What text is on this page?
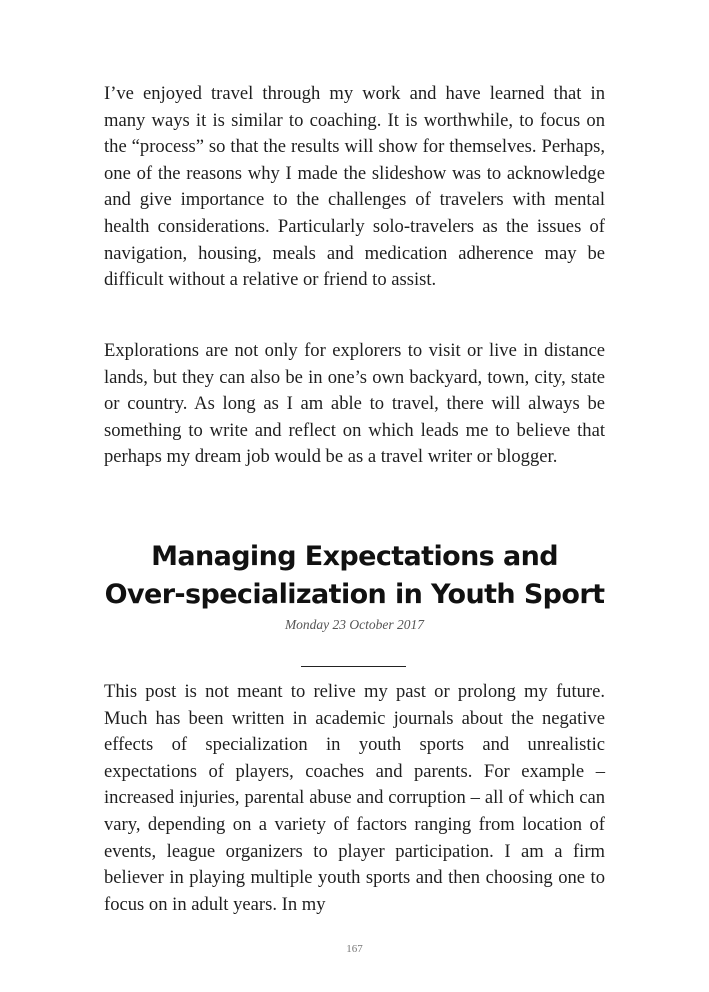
I’ve enjoyed travel through my work and have learned that in many ways it is similar to coaching. It is worthwhile, to focus on the “process” so that the results will show for themselves. Perhaps, one of the reasons why I made the slideshow was to acknowledge and give importance to the challenges of travelers with mental health considerations. Particularly solo-travelers as the issues of navigation, housing, meals and medication adherence may be difficult without a relative or friend to assist.

Explorations are not only for explorers to visit or live in distance lands, but they can also be in one’s own backyard, town, city, state or country. As long as I am able to travel, there will always be something to write and reflect on which leads me to believe that perhaps my dream job would be as a travel writer or blogger.

Managing Expectations and
Over-specialization in Youth Sport
Monday 23 October 2017

This post is not meant to relive my past or prolong my future. Much has been written in academic journals about the negative effects of specialization in youth sports and unrealistic expectations of players, coaches and parents. For example – increased injuries, parental abuse and corruption – all of which can vary, depending on a variety of factors ranging from location of events, league organizers to player participation. I am a firm believer in playing multiple youth sports and then choosing one to focus on in adult years. In my

167
